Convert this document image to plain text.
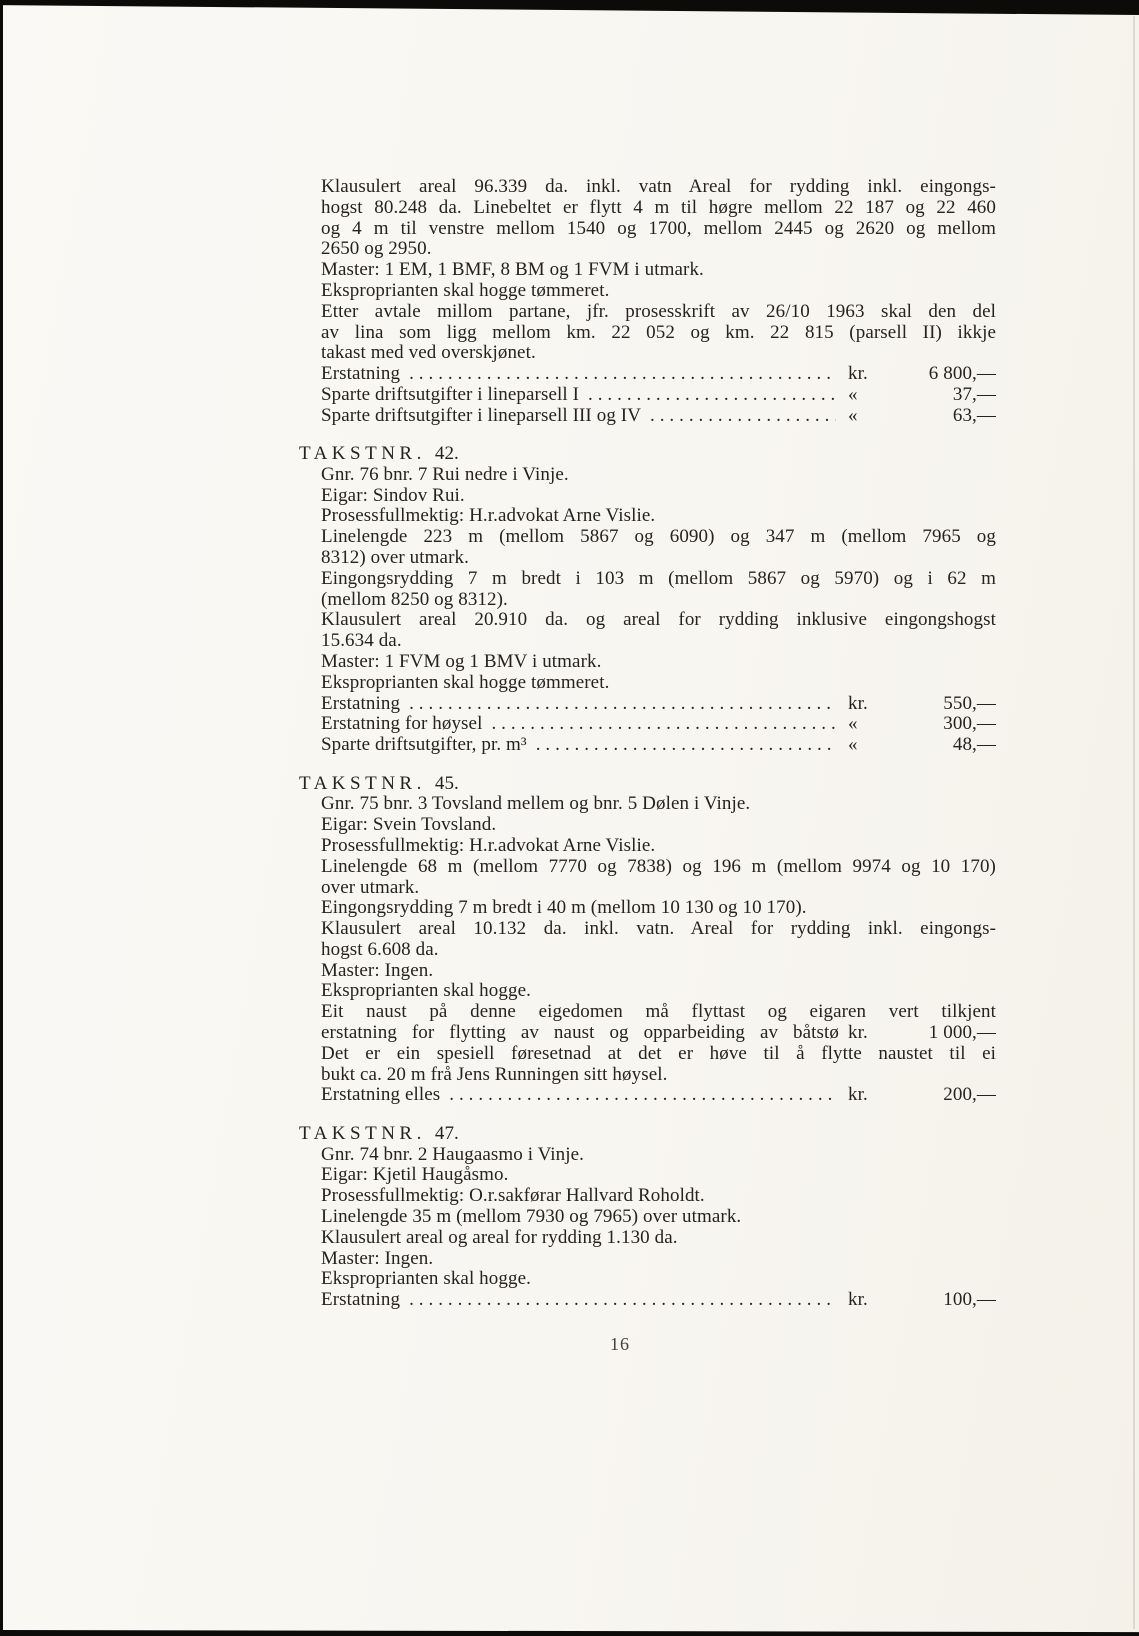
Klausulert areal 96.339 da. inkl. vatn Areal for rydding inkl. eingongs-
hogst 80.248 da. Linebeltet er flytt 4 m til høgre mellom 22 187 og 22 460
og 4 m til venstre mellom 1540 og 1700, mellom 2445 og 2620 og mellom
2650 og 2950.
Master: 1 EM, 1 BMF, 8 BM og 1 FVM i utmark.
Eksproprianten skal hogge tømmeret.
Etter avtale millom partane, jfr. prosesskrift av 26/10 1963 skal den del
av lina som ligg mellom km. 22 052 og km. 22 815 (parsell II) ikkje
takast med ved overskjønet.
Erstatning . . .	kr.	6 800,—
Sparte driftsutgifter i lineparsell I . . .	«	37,—
Sparte driftsutgifter i lineparsell III og IV . . .	«	63,—
TAKSTNR. 42.
Gnr. 76 bnr. 7 Rui nedre i Vinje.
Eigar: Sindov Rui.
Prosessfullmektig: H.r.advokat Arne Vislie.
Linelengde 223 m (mellom 5867 og 6090) og 347 m (mellom 7965 og
8312) over utmark.
Eingongsrydding 7 m bredt i 103 m (mellom 5867 og 5970) og i 62 m
(mellom 8250 og 8312).
Klausulert areal 20.910 da. og areal for rydding inklusive eingongshogst
15.634 da.
Master: 1 FVM og 1 BMV i utmark.
Eksproprianten skal hogge tømmeret.
Erstatning . . .	kr.	550,—
Erstatning for høysel . . .	«	300,—
Sparte driftsutgifter, pr. m³ . . .	«	48,—
TAKSTNR. 45.
Gnr. 75 bnr. 3 Tovsland mellem og bnr. 5 Dølen i Vinje.
Eigar: Svein Tovsland.
Prosessfullmektig: H.r.advokat Arne Vislie.
Linelengde 68 m (mellom 7770 og 7838) og 196 m (mellom 9974 og 10 170)
over utmark.
Eingongsrydding 7 m bredt i 40 m (mellom 10 130 og 10 170).
Klausulert areal 10.132 da. inkl. vatn. Areal for rydding inkl. eingongs-
hogst 6.608 da.
Master: Ingen.
Eksproprianten skal hogge.
Eit naust på denne eigedomen må flyttast og eigaren vert tilkjent
erstatning for flytting av naust og opparbeiding av båtstø kr.	1 000,—
Det er ein spesiell føresetnad at det er høve til å flytte naustet til ei
bukt ca. 20 m frå Jens Runningen sitt høysel.
Erstatning elles . . .	kr.	200,—
TAKSTNR. 47.
Gnr. 74 bnr. 2 Haugaasmo i Vinje.
Eigar: Kjetil Haugåsmo.
Prosessfullmektig: O.r.sakførar Hallvard Roholdt.
Linelengde 35 m (mellom 7930 og 7965) over utmark.
Klausulert areal og areal for rydding 1.130 da.
Master: Ingen.
Eksproprianten skal hogge.
Erstatning . . .	kr.	100,—
16
